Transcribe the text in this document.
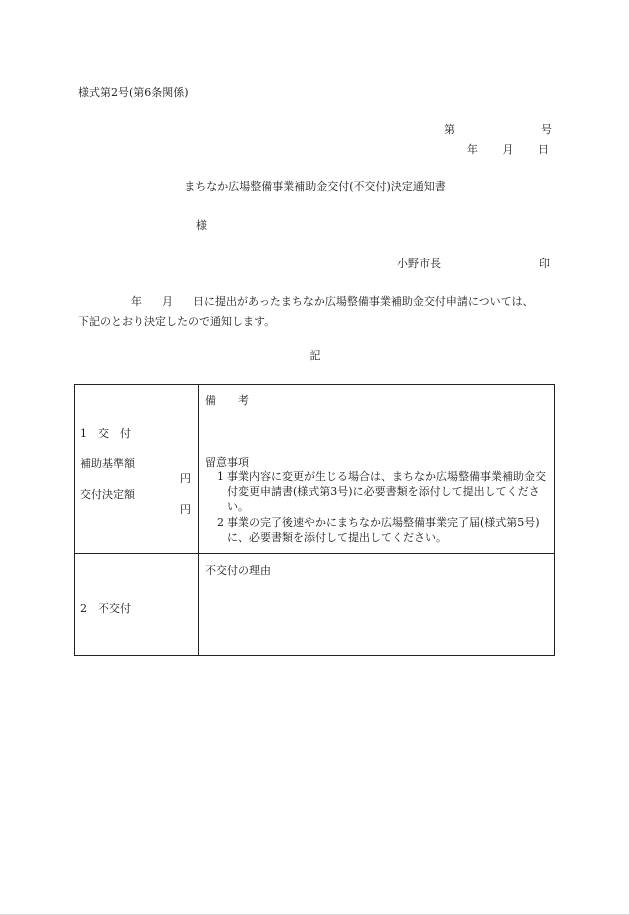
様式第2号(第6条関係)
第	号
年 月 日
まちなか広場整備事業補助金交付(不交付)決定通知書
様
小野市長	印
年 月 日に提出があったまちなか広場整備事業補助金交付申請については、
下記のとおり決定したので通知します。
記
1　交　付
補助基準額
円
交付決定額
円
備　　考
留意事項
1 事業内容に変更が生じる場合は、まちなか広場整備事業補助金交付変更申請書(様式第3号)に必要書類を添付して提出してください。
2 事業の完了後速やかにまちなか広場整備事業完了届(様式第5号)に、必要書類を添付して提出してください。
2　不交付
不交付の理由
